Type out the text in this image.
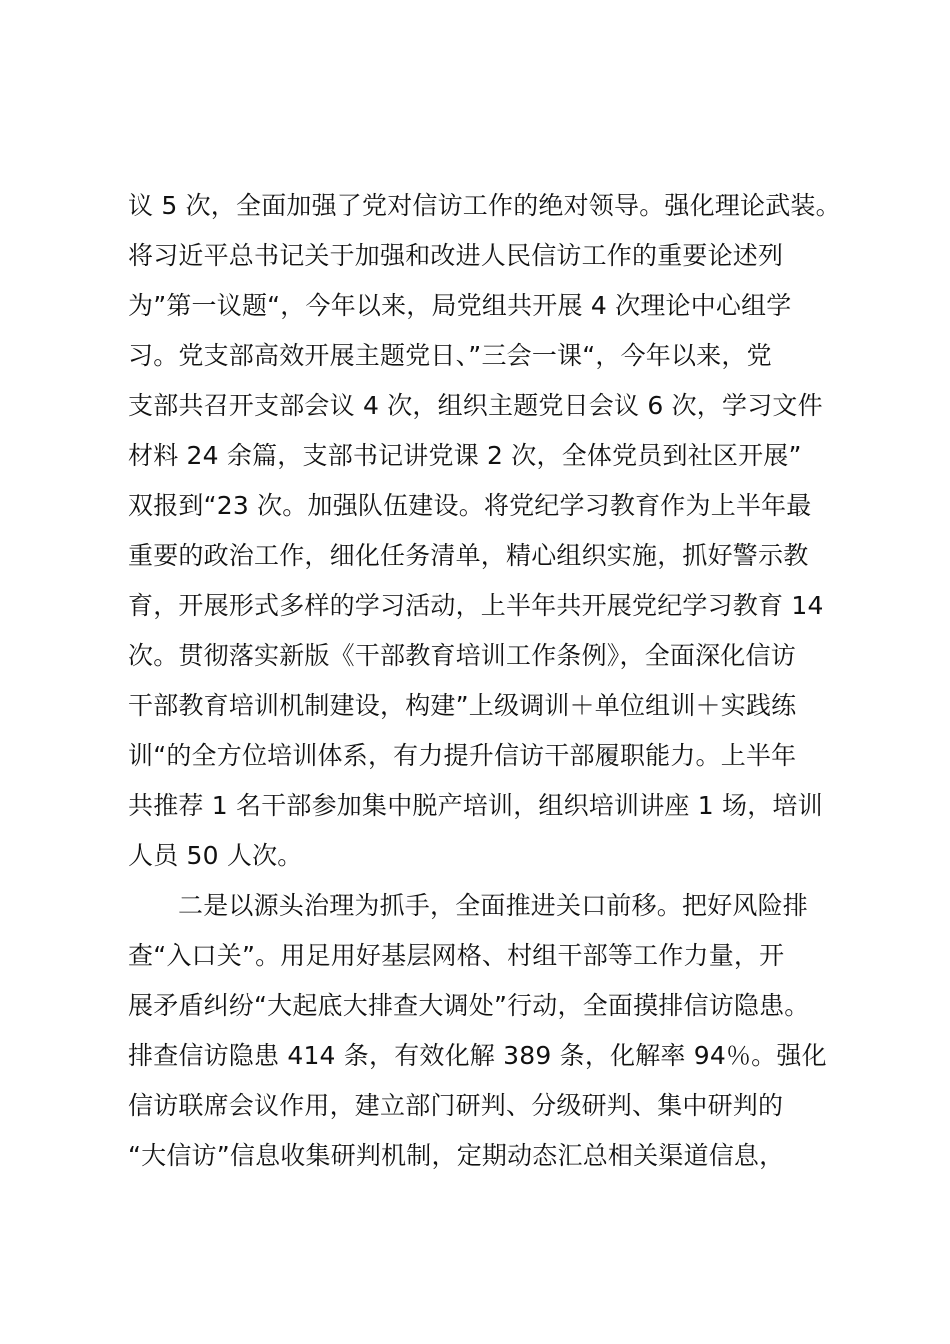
议 5 次，全面加强了党对信访工作的绝对领导。强化理论武装。
将习近平总书记关于加强和改进人民信访工作的重要论述列
为”第一议题“，今年以来，局党组共开展 4 次理论中心组学
习。党支部高效开展主题党日、”三会一课“，今年以来，党
支部共召开支部会议 4 次，组织主题党日会议 6 次，学习文件
材料 24 余篇，支部书记讲党课 2 次，全体党员到社区开展”
双报到“23 次。加强队伍建设。将党纪学习教育作为上半年最
重要的政治工作，细化任务清单，精心组织实施，抓好警示教
育，开展形式多样的学习活动，上半年共开展党纪学习教育 14
次。贯彻落实新版《干部教育培训工作条例》，全面深化信访
干部教育培训机制建设，构建”上级调训＋单位组训＋实践练
训“的全方位培训体系，有力提升信访干部履职能力。上半年
共推荐 1 名干部参加集中脱产培训，组织培训讲座 1 场，培训
人员 50 人次。
二是以源头治理为抓手，全面推进关口前移。把好风险排
查“入口关”。用足用好基层网格、村组干部等工作力量，开
展矛盾纠纷“大起底大排查大调处”行动，全面摸排信访隐患。
排查信访隐患 414 条，有效化解 389 条，化解率 94％。强化
信访联席会议作用，建立部门研判、分级研判、集中研判的
“大信访”信息收集研判机制，定期动态汇总相关渠道信息，
